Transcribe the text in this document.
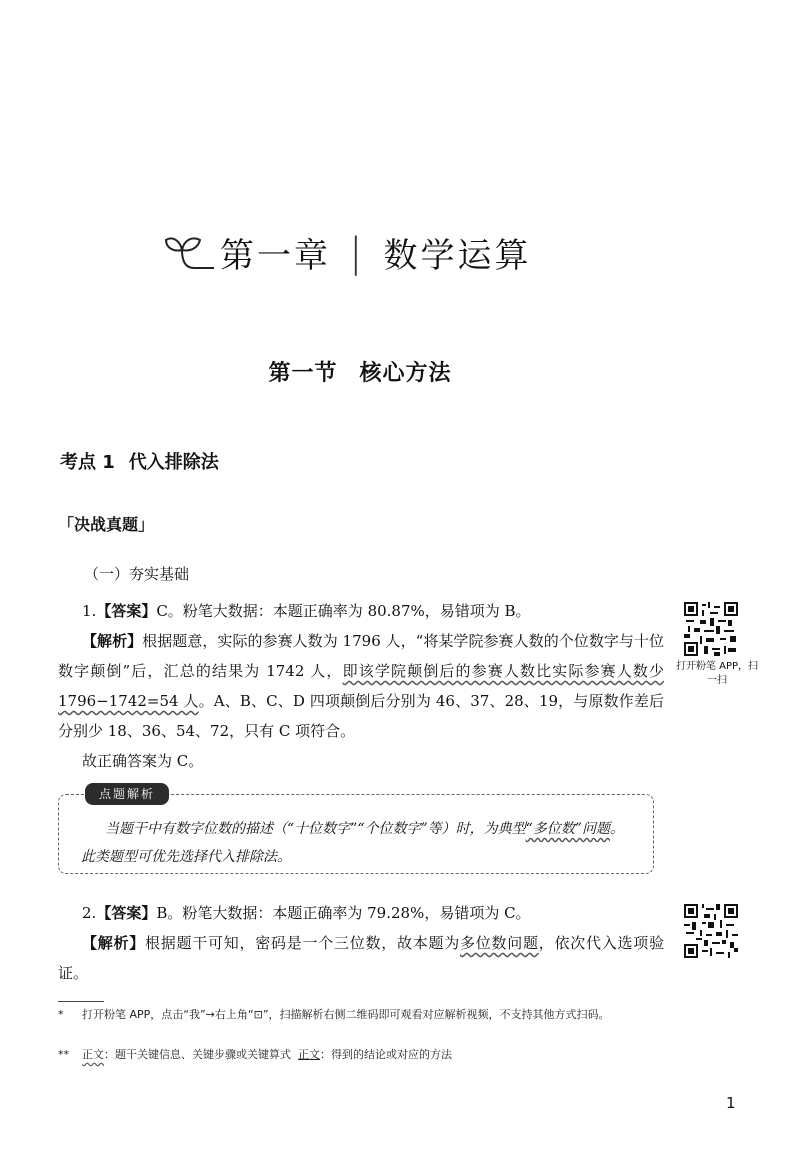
第一章 | 数学运算
第一节 核心方法
考点 1 代入排除法
「决战真题」
（一）夯实基础
1.【答案】C。粉笔大数据：本题正确率为 80.87%，易错项为 B。
【解析】根据题意，实际的参赛人数为 1796 人，“将某学院参赛人数的个位数字与十位数字颠倒”后，汇总的结果为 1742 人，即该学院颠倒后的参赛人数比实际参赛人数少 1796−1742=54 人。A、B、C、D 四项颠倒后分别为 46、37、28、19，与原数作差后分别少 18、36、54、72，只有 C 项符合。
故正确答案为 C。
点题解析
当题干中有数字位数的描述（“十位数字”“个位数字”等）时，为典型“多位数”问题。此类题型可优先选择代入排除法。
2.【答案】B。粉笔大数据：本题正确率为 79.28%，易错项为 C。
【解析】根据题干可知，密码是一个三位数，故本题为多位数问题，依次代入选项验证。
打开粉笔 APP，扫一扫
* 打开粉笔 APP，点击“我”→右上角“⊡”，扫描解析右侧二维码即可观看对应解析视频，不支持其他方式扫码。
** 正文：题干关键信息、关键步骤或关键算式 正文：得到的结论或对应的方法
1
